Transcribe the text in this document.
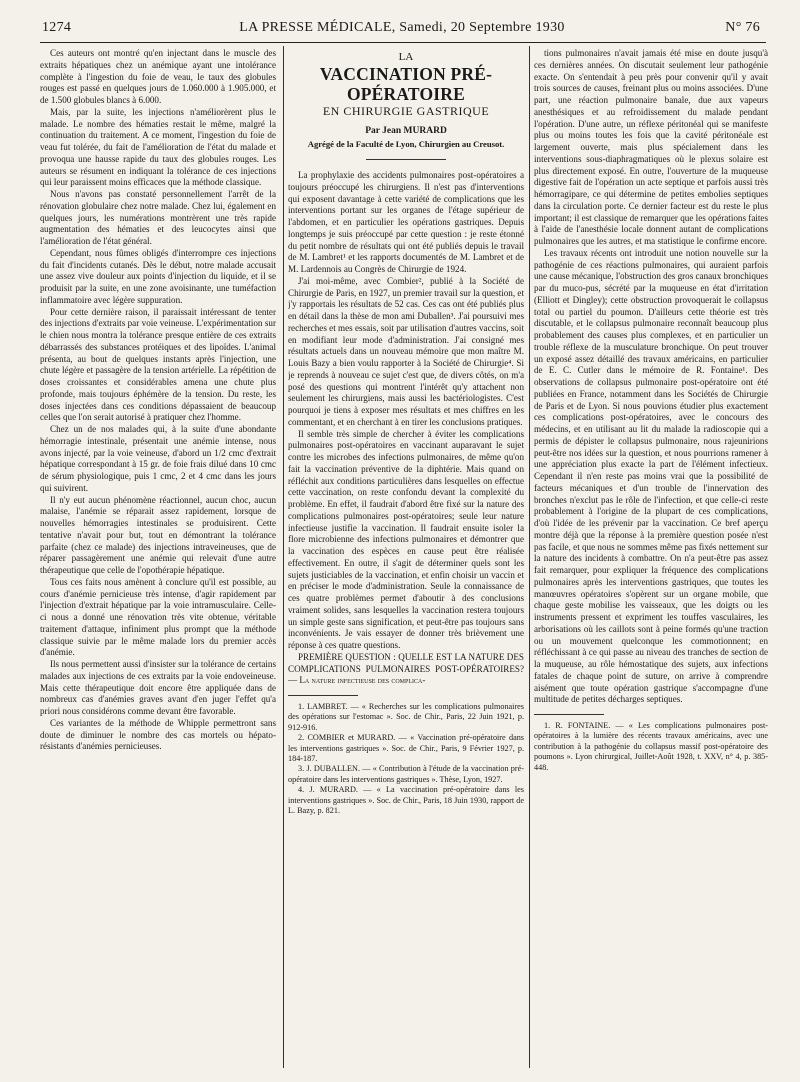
1274	LA PRESSE MÉDICALE, Samedi, 20 Septembre 1930	N° 76

Ces auteurs ont montré qu'en injectant dans le muscle des extraits hépatiques chez un anémique ayant une intolérance complète à l'ingestion du foie de veau, le taux des globules rouges est passé en quelques jours de 1.060.000 à 1.905.000, et de 1.500 globules blancs à 6.000.

Mais, par la suite, les injections n'améliorèrent plus le malade. Le nombre des hématies restait le même, malgré la continuation du traitement. A ce moment, l'ingestion du foie de veau fut tolérée, du fait de l'amélioration de l'état du malade et provoqua une hausse rapide du taux des globules rouges. Les auteurs se résument en indiquant la tolérance de ces injections qui leur paraissent moins efficaces que la méthode classique.

Nous n'avons pas constaté personnellement l'arrêt de la rénovation globulaire chez notre malade. Chez lui, également en quelques jours, les numérations montrèrent une très rapide augmentation des hématies et des leucocytes ainsi que l'amélioration de l'état général.

Cependant, nous fûmes obligés d'interrompre ces injections du fait d'incidents cutanés. Dès le début, notre malade accusait une assez vive douleur aux points d'injection du liquide, et il se produisit par la suite, en une zone avoisinante, une tuméfaction inflammatoire avec légère suppuration.

Pour cette dernière raison, il paraissait intéressant de tenter des injections d'extraits par voie veineuse. L'expérimentation sur le chien nous montra la tolérance presque entière de ces extraits débarrassés des substances protéiques et des lipoïdes. L'animal présenta, au bout de quelques instants après l'injection, une chute légère et passagère de la tension artérielle. La répétition de doses croissantes et considérables amena une chute plus profonde, mais toujours éphémère de la tension. Du reste, les doses injectées dans ces conditions dépassaient de beaucoup celles que l'on serait autorisé à pratiquer chez l'homme.

Chez un de nos malades qui, à la suite d'une abondante hémorragie intestinale, présentait une anémie intense, nous avons injecté, par la voie veineuse, d'abord un 1/2 cmc d'extrait hépatique correspondant à 15 gr. de foie frais dilué dans 10 cmc de sérum physiologique, puis 1 cmc, 2 et 4 cmc dans les jours qui suivirent.

Il n'y eut aucun phénomène réactionnel, aucun choc, aucun malaise, l'anémie se réparait assez rapidement, lorsque de nouvelles hémorragies intestinales se produisirent. Cette tentative n'avait pour but, tout en démontrant la tolérance parfaite (chez ce malade) des injections intraveineuses, que de réparer passagèrement une anémie qui relevait d'une autre thérapeutique que celle de l'opothérapie hépatique.

Tous ces faits nous amènent à conclure qu'il est possible, au cours d'anémie pernicieuse très intense, d'agir rapidement par l'injection d'extrait hépatique par la voie intramusculaire. Celle-ci nous a donné une rénovation très vite obtenue, véritable traitement d'attaque, infiniment plus prompt que la méthode classique suivie par le même malade lors du premier accès d'anémie.

Ils nous permettent aussi d'insister sur la tolérance de certains malades aux injections de ces extraits par la voie endoveineuse. Mais cette thérapeutique doit encore être appliquée dans de nombreux cas d'anémies graves avant d'en juger l'effet qu'a priori nous considérons comme devant être favorable.

Ces variantes de la méthode de Whipple permettront sans doute de diminuer le nombre des cas mortels ou hépato-résistants d'anémies pernicieuses.

LA
VACCINATION PRÉ-OPÉRATOIRE
EN CHIRURGIE GASTRIQUE
Par Jean MURARD
Agrégé de la Faculté de Lyon, Chirurgien au Creusot.

La prophylaxie des accidents pulmonaires post-opératoires a toujours préoccupé les chirurgiens. Il n'est pas d'interventions qui exposent davantage à cette variété de complications que les interventions portant sur les organes de l'étage supérieur de l'abdomen, et en particulier les opérations gastriques. Depuis longtemps je suis préoccupé par cette question : je reste étonné du petit nombre de résultats qui ont été publiés depuis le travail de M. Lambret¹ et les rapports documentés de M. Lambret et de M. Lardennois au Congrès de Chirurgie de 1924.

J'ai moi-même, avec Combier², publié à la Société de Chirurgie de Paris, en 1927, un premier travail sur la question, et j'y rapportais les résultats de 52 cas. Ces cas ont été publiés plus en détail dans la thèse de mon ami Duballen³. J'ai poursuivi mes recherches et mes essais, soit par utilisation d'autres vaccins, soit en modifiant leur mode d'administration. J'ai consigné mes résultats actuels dans un nouveau mémoire que mon maître M. Louis Bazy a bien voulu rapporter à la Société de Chirurgie⁴. Si je reprends à nouveau ce sujet c'est que, de divers côtés, on m'a posé des questions qui montrent l'intérêt qu'y attachent non seulement les chirurgiens, mais aussi les bactériologistes. C'est pourquoi je tiens à exposer mes résultats et mes chiffres en les commentant, et en cherchant à en tirer les conclusions pratiques.

Il semble très simple de chercher à éviter les complications pulmonaires post-opératoires en vaccinant auparavant le sujet contre les microbes des infections pulmonaires, de même qu'on fait la vaccination préventive de la diphtérie. Mais quand on réfléchit aux conditions particulières dans lesquelles on effectue cette vaccination, on reste confondu devant la complexité du problème. En effet, il faudrait d'abord être fixé sur la nature des complications pulmonaires post-opératoires; seule leur nature infectieuse justifie la vaccination. Il faudrait ensuite isoler la flore microbienne des infections pulmonaires et démontrer que la vaccination des espèces en cause peut être réalisée effectivement. En outre, il s'agit de déterminer quels sont les sujets justiciables de la vaccination, et enfin choisir un vaccin et en préciser le mode d'administration. Seule la connaissance de ces quatre problèmes permet d'aboutir à des conclusions vraiment solides, sans lesquelles la vaccination restera toujours un simple geste sans signification, et peut-être pas toujours sans inconvénients. Je vais essayer de donner très brièvement une réponse à ces quatre questions.

PREMIÈRE QUESTION : QUELLE EST LA NATURE DES COMPLICATIONS PULMONAIRES POST-OPÉRATOIRES? — La nature infectieuse des complica-

1. LAMBRET. — « Recherches sur les complications pulmonaires des opérations sur l'estomac ». Soc. de Chir., Paris, 22 Juin 1921, p. 912-916.

2. COMBIER et MURARD. — « Vaccination pré-opératoire dans les interventions gastriques ». Soc. de Chir., Paris, 9 Février 1927, p. 184-187.

3. J. DUBALLEN. — « Contribution à l'étude de la vaccination pré-opératoire dans les interventions gastriques ». Thèse, Lyon, 1927.

4. J. MURARD. — « La vaccination pré-opératoire dans les interventions gastriques ». Soc. de Chir., Paris, 18 Juin 1930, rapport de L. Bazy, p. 821.

tions pulmonaires n'avait jamais été mise en doute jusqu'à ces dernières années. On discutait seulement leur pathogénie exacte. On s'entendait à peu près pour convenir qu'il y avait trois sources de causes, freinant plus ou moins associées. D'une part, une réaction pulmonaire banale, due aux vapeurs anesthésiques et au refroidissement du malade pendant l'opération. D'une autre, un réflexe péritonéal qui se manifeste plus ou moins toutes les fois que la cavité péritonéale est largement ouverte, mais plus spécialement dans les interventions sous-diaphragmatiques où le plexus solaire est plus directement exposé. En outre, l'ouverture de la muqueuse digestive fait de l'opération un acte septique et parfois aussi très hémorragipare, ce qui détermine de petites embolies septiques dans la circulation porte. Ce dernier facteur est du reste le plus important; il est classique de remarquer que les opérations faites à l'aide de l'anesthésie locale donnent autant de complications pulmonaires que les autres, et ma statistique le confirme encore.

Les travaux récents ont introduit une notion nouvelle sur la pathogénie de ces réactions pulmonaires, qui auraient parfois une cause mécanique, l'obstruction des gros canaux bronchiques par du muco-pus, sécrété par la muqueuse en état d'irritation (Elliott et Dingley); cette obstruction provoquerait le collapsus total ou partiel du poumon. D'ailleurs cette théorie est très discutable, et le collapsus pulmonaire reconnaît beaucoup plus probablement des causes plus complexes, et en particulier un trouble réflexe de la musculature bronchique. On peut trouver un exposé assez détaillé des travaux américains, en particulier de E. C. Cutler dans le mémoire de R. Fontaine¹. Des observations de collapsus pulmonaire post-opératoire ont été publiées en France, notamment dans les Sociétés de Chirurgie de Paris et de Lyon. Si nous pouvions étudier plus exactement ces complications post-opératoires, avec le concours des médecins, et en utilisant au lit du malade la radioscopie qui a permis de dépister le collapsus pulmonaire, nous rajeunirions peut-être nos idées sur la question, et nous pourrions ramener à une appréciation plus exacte la part de l'élément infectieux. Cependant il n'en reste pas moins vrai que la possibilité de facteurs mécaniques et d'un trouble de l'innervation des bronches n'exclut pas le rôle de l'infection, et que celle-ci reste probablement à l'origine de la plupart de ces complications, d'où l'idée de les prévenir par la vaccination. Ce bref aperçu montre déjà que la réponse à la première question posée n'est pas facile, et que nous ne sommes même pas fixés nettement sur la nature des incidents à combattre. On n'a peut-être pas assez fait remarquer, pour expliquer la fréquence des complications pulmonaires après les interventions gastriques, que toutes les manœuvres opératoires s'opèrent sur un organe mobile, que chaque geste mobilise les vaisseaux, que les doigts ou les instruments pressent et expriment les touffes vasculaires, les arborisations où les caillots sont à peine formés qu'une traction ou un mouvement quelconque les commotionnent; en réfléchissant à ce qui passe au niveau des tranches de section de la muqueuse, au rôle hémostatique des sujets, aux infections fatales de chaque point de suture, on arrive à comprendre aisément que toute opération gastrique s'accompagne d'une multitude de petites décharges septiques.

1. R. FONTAINE. — « Les complications pulmonaires post-opératoires à la lumière des récents travaux américains, avec une contribution à la pathogénie du collapsus massif post-opératoire des poumons ». Lyon chirurgical, Juillet-Août 1928, t. XXV, n° 4, p. 385-448.
